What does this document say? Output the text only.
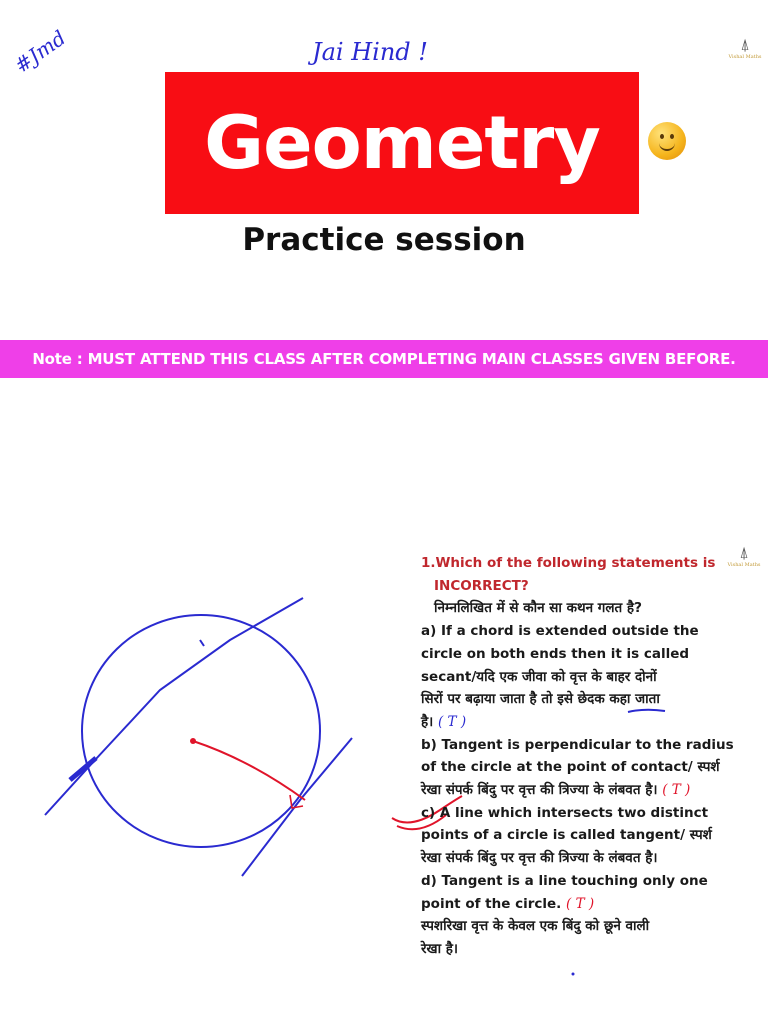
Jai Hind !
#Jmd	⍋
Vishal Maths
Geometry
Practice session
Note : MUST ATTEND THIS CLASS AFTER COMPLETING MAIN CLASSES GIVEN BEFORE.
⍋
Vishal Maths
1.Which of the following statements is
INCORRECT?
निम्नलिखित में से कौन सा कथन गलत है?
a) If a chord is extended outside the
circle on both ends then it is called
secant/यदि एक जीवा को वृत्त के बाहर दोनों
सिरों पर बढ़ाया जाता है तो इसे छेदक कहा जाता
है। ( T )
b) Tangent is perpendicular to the radius
of the circle at the point of contact/ स्पर्श
रेखा संपर्क बिंदु पर वृत्त की त्रिज्या के लंबवत है। ( T )
c) A line which intersects two distinct
points of a circle is called tangent/ स्पर्श
रेखा संपर्क बिंदु पर वृत्त की त्रिज्या के लंबवत है।
d) Tangent is a line touching only one
point of the circle. ( T )
स्पशरिखा वृत्त के केवल एक बिंदु को छूने वाली
रेखा है।
